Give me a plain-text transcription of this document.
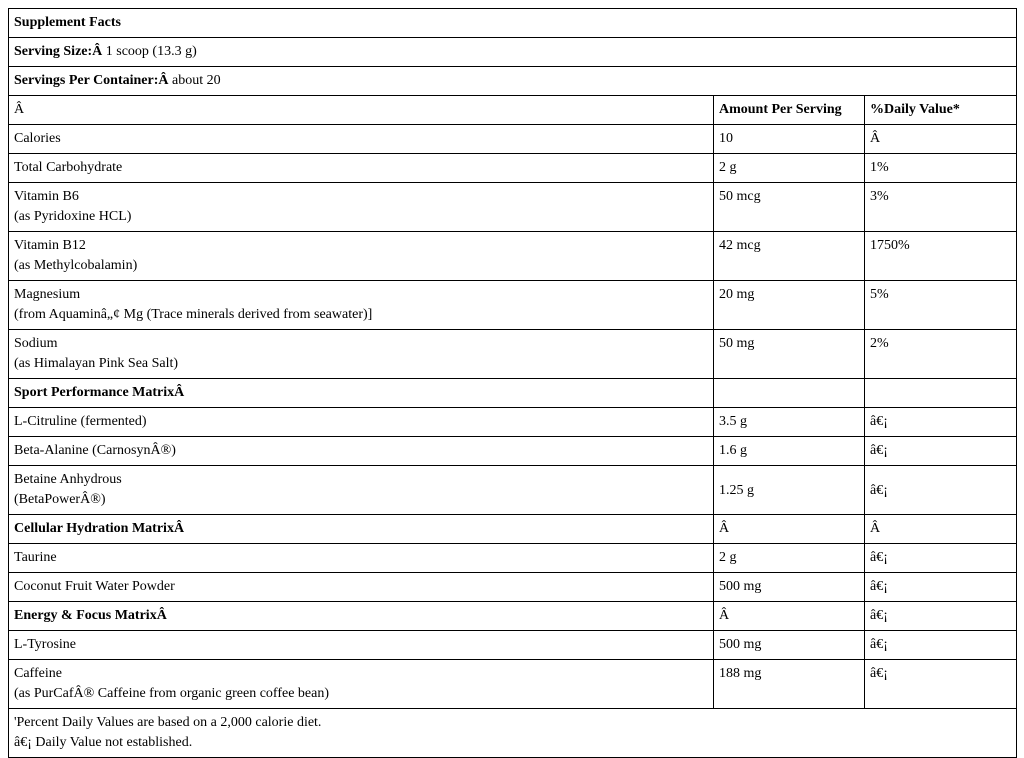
Supplement Facts		
Serving Size:Â 1 scoop (13.3 g)		
Servings Per Container:Â about 20		
Â	Amount Per Serving	%Daily Value*

Calories	10	Â

Total Carbohydrate	2 g	1%

Vitamin B6
(as Pyridoxine HCL)	50 mcg	3%

Vitamin B12
(as Methylcobalamin)	42 mcg	1750%

Magnesium
(from Aquaminâ„¢ Mg (Trace minerals derived from seawater)]	20 mg	5%

Sodium
(as Himalayan Pink Sea Salt)	50 mg	2%
Sport Performance MatrixÂ		

L-Citruline (fermented)	3.5 g	â€¡

Beta-Alanine (CarnosynÂ®)	1.6 g	â€¡

Betaine Anhydrous
(BetaPowerÂ®)	1.25 g	â€¡
Cellular Hydration MatrixÂ	Â	Â

Taurine	2 g	â€¡

Coconut Fruit Water Powder	500 mg	â€¡
Energy & Focus MatrixÂ	Â	â€¡

L-Tyrosine	500 mg	â€¡

Caffeine
(as PurCafÂ® Caffeine from organic green coffee bean)	188 mg	â€¡

'Percent Daily Values are based on a 2,000 calorie diet.
â€¡ Daily Value not established.		
